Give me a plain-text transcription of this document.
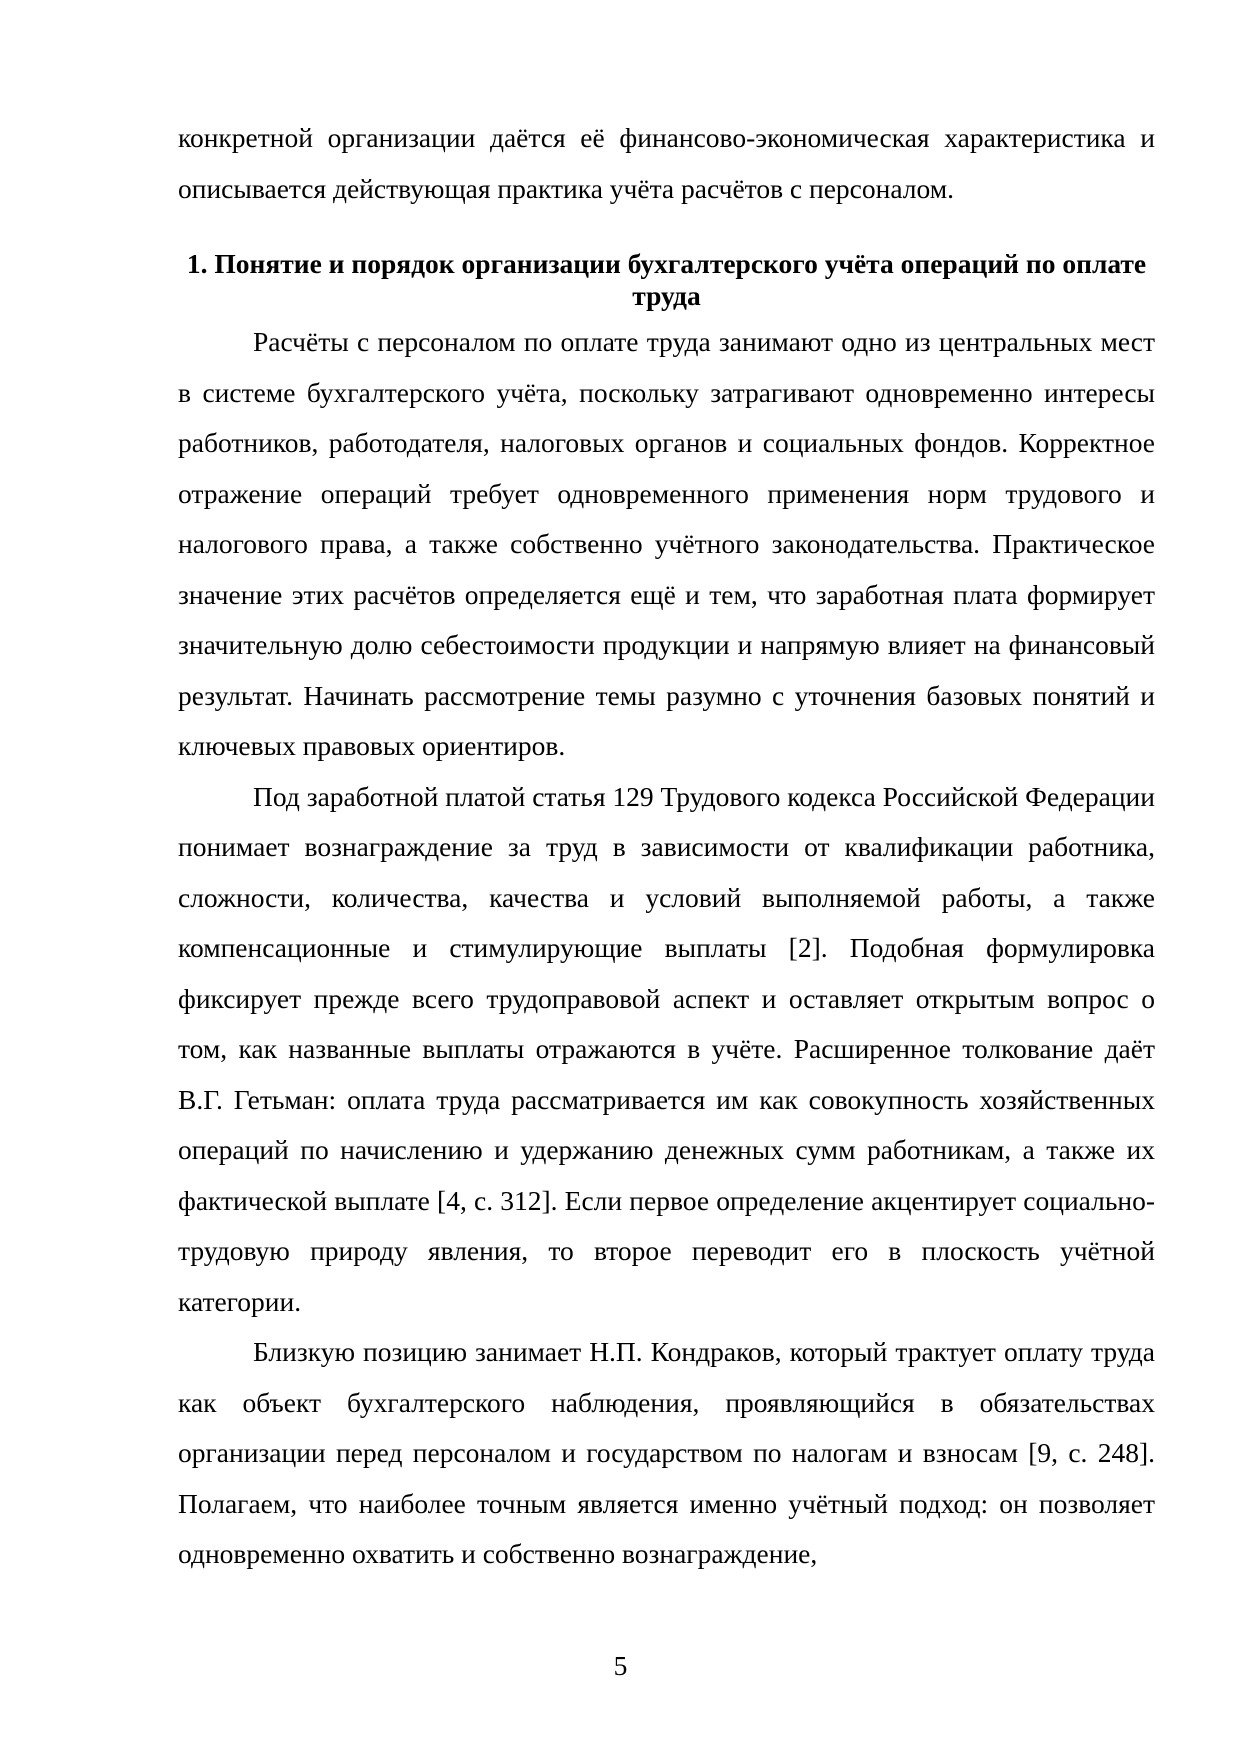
конкретной организации даётся её финансово-экономическая характеристика и описывается действующая практика учёта расчётов с персоналом.

1. Понятие и порядок организации бухгалтерского учёта операций по оплате труда

Расчёты с персоналом по оплате труда занимают одно из центральных мест в системе бухгалтерского учёта, поскольку затрагивают одновременно интересы работников, работодателя, налоговых органов и социальных фондов. Корректное отражение операций требует одновременного применения норм трудового и налогового права, а также собственно учётного законодательства. Практическое значение этих расчётов определяется ещё и тем, что заработная плата формирует значительную долю себестоимости продукции и напрямую влияет на финансовый результат. Начинать рассмотрение темы разумно с уточнения базовых понятий и ключевых правовых ориентиров.

Под заработной платой статья 129 Трудового кодекса Российской Федерации понимает вознаграждение за труд в зависимости от квалификации работника, сложности, количества, качества и условий выполняемой работы, а также компенсационные и стимулирующие выплаты [2]. Подобная формулировка фиксирует прежде всего трудоправовой аспект и оставляет открытым вопрос о том, как названные выплаты отражаются в учёте. Расширенное толкование даёт В.Г. Гетьман: оплата труда рассматривается им как совокупность хозяйственных операций по начислению и удержанию денежных сумм работникам, а также их фактической выплате [4, с. 312]. Если первое определение акцентирует социально-трудовую природу явления, то второе переводит его в плоскость учётной категории.

Близкую позицию занимает Н.П. Кондраков, который трактует оплату труда как объект бухгалтерского наблюдения, проявляющийся в обязательствах организации перед персоналом и государством по налогам и взносам [9, с. 248]. Полагаем, что наиболее точным является именно учётный подход: он позволяет одновременно охватить и собственно вознаграждение,

5
